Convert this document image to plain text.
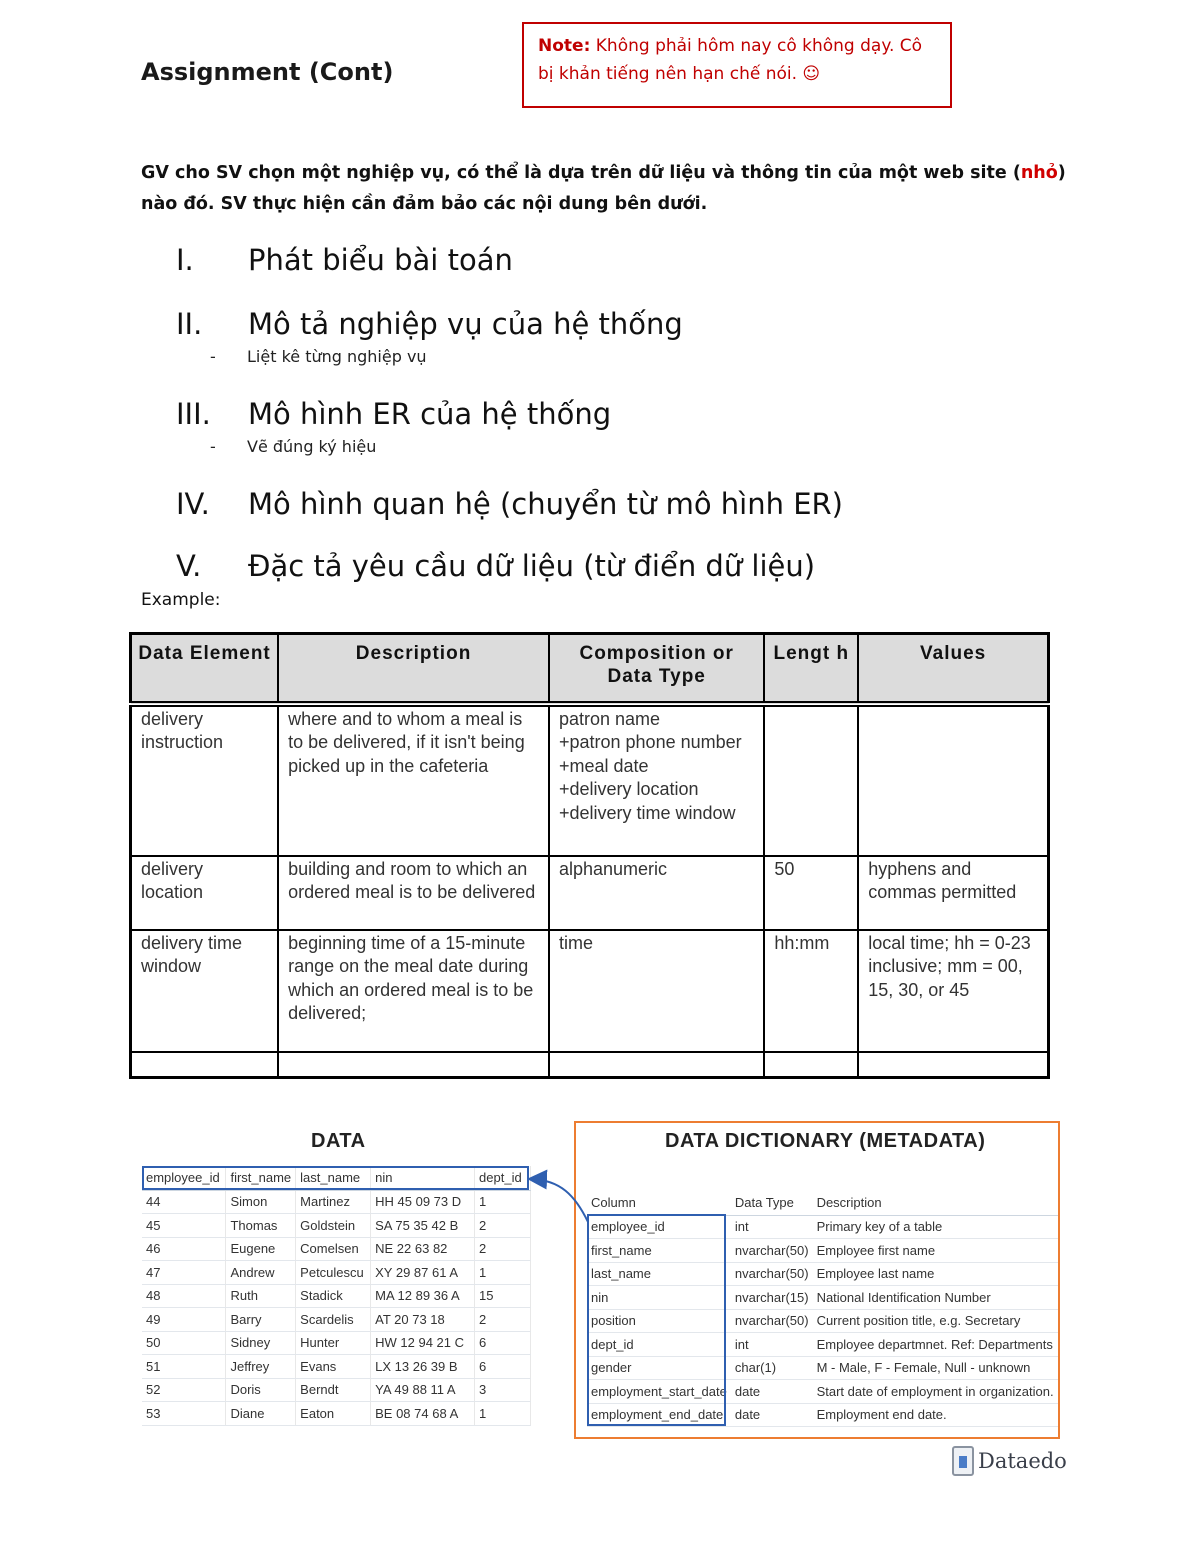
Assignment (Cont)
Note: Không phải hôm nay cô không dạy. Cô bị khản tiếng nên hạn chế nói. ☺
GV cho SV chọn một nghiệp vụ, có thể là dựa trên dữ liệu và thông tin của một web site (nhỏ) nào đó. SV thực hiện cần đảm bảo các nội dung bên dưới.
I. Phát biểu bài toán
II. Mô tả nghiệp vụ của hệ thống
- Liệt kê từng nghiệp vụ
III. Mô hình ER của hệ thống
- Vẽ đúng ký hiệu
IV. Mô hình quan hệ (chuyển từ mô hình ER)
V. Đặc tả yêu cầu dữ liệu (từ điển dữ liệu)
Example:
Data Element	Description	Composition or Data Type	Lengt h	Values
delivery instruction	where and to whom a meal is to be delivered, if it isn't being picked up in the cafeteria	patron name
+patron phone number
+meal date
+delivery location
+delivery time window		
delivery location	building and room to which an ordered meal is to be delivered	alphanumeric	50	hyphens and commas permitted
delivery time window	beginning time of a 15-minute range on the meal date during which an ordered meal is to be delivered;	time	hh:mm	local time; hh = 0-23 inclusive; mm = 00, 15, 30, or 45

DATA
employee_id	first_name	last_name	nin	dept_id
44	Simon	Martinez	HH 45 09 73 D	1
45	Thomas	Goldstein	SA 75 35 42 B	2
46	Eugene	Comelsen	NE 22 63 82	2
47	Andrew	Petculescu	XY 29 87 61 A	1
48	Ruth	Stadick	MA 12 89 36 A	15
49	Barry	Scardelis	AT 20 73 18	2
50	Sidney	Hunter	HW 12 94 21 C	6
51	Jeffrey	Evans	LX 13 26 39 B	6
52	Doris	Berndt	YA 49 88 11 A	3
53	Diane	Eaton	BE 08 74 68 A	1
DATA DICTIONARY (METADATA)
Column	Data Type	Description
employee_id	int	Primary key of a table
first_name	nvarchar(50)	Employee first name
last_name	nvarchar(50)	Employee last name
nin	nvarchar(15)	National Identification Number
position	nvarchar(50)	Current position title, e.g. Secretary
dept_id	int	Employee departmnet. Ref: Departments
gender	char(1)	M - Male, F - Female, Null - unknown
employment_start_date	date	Start date of employment in organization.
employment_end_date	date	Employment end date.
Dataedo
